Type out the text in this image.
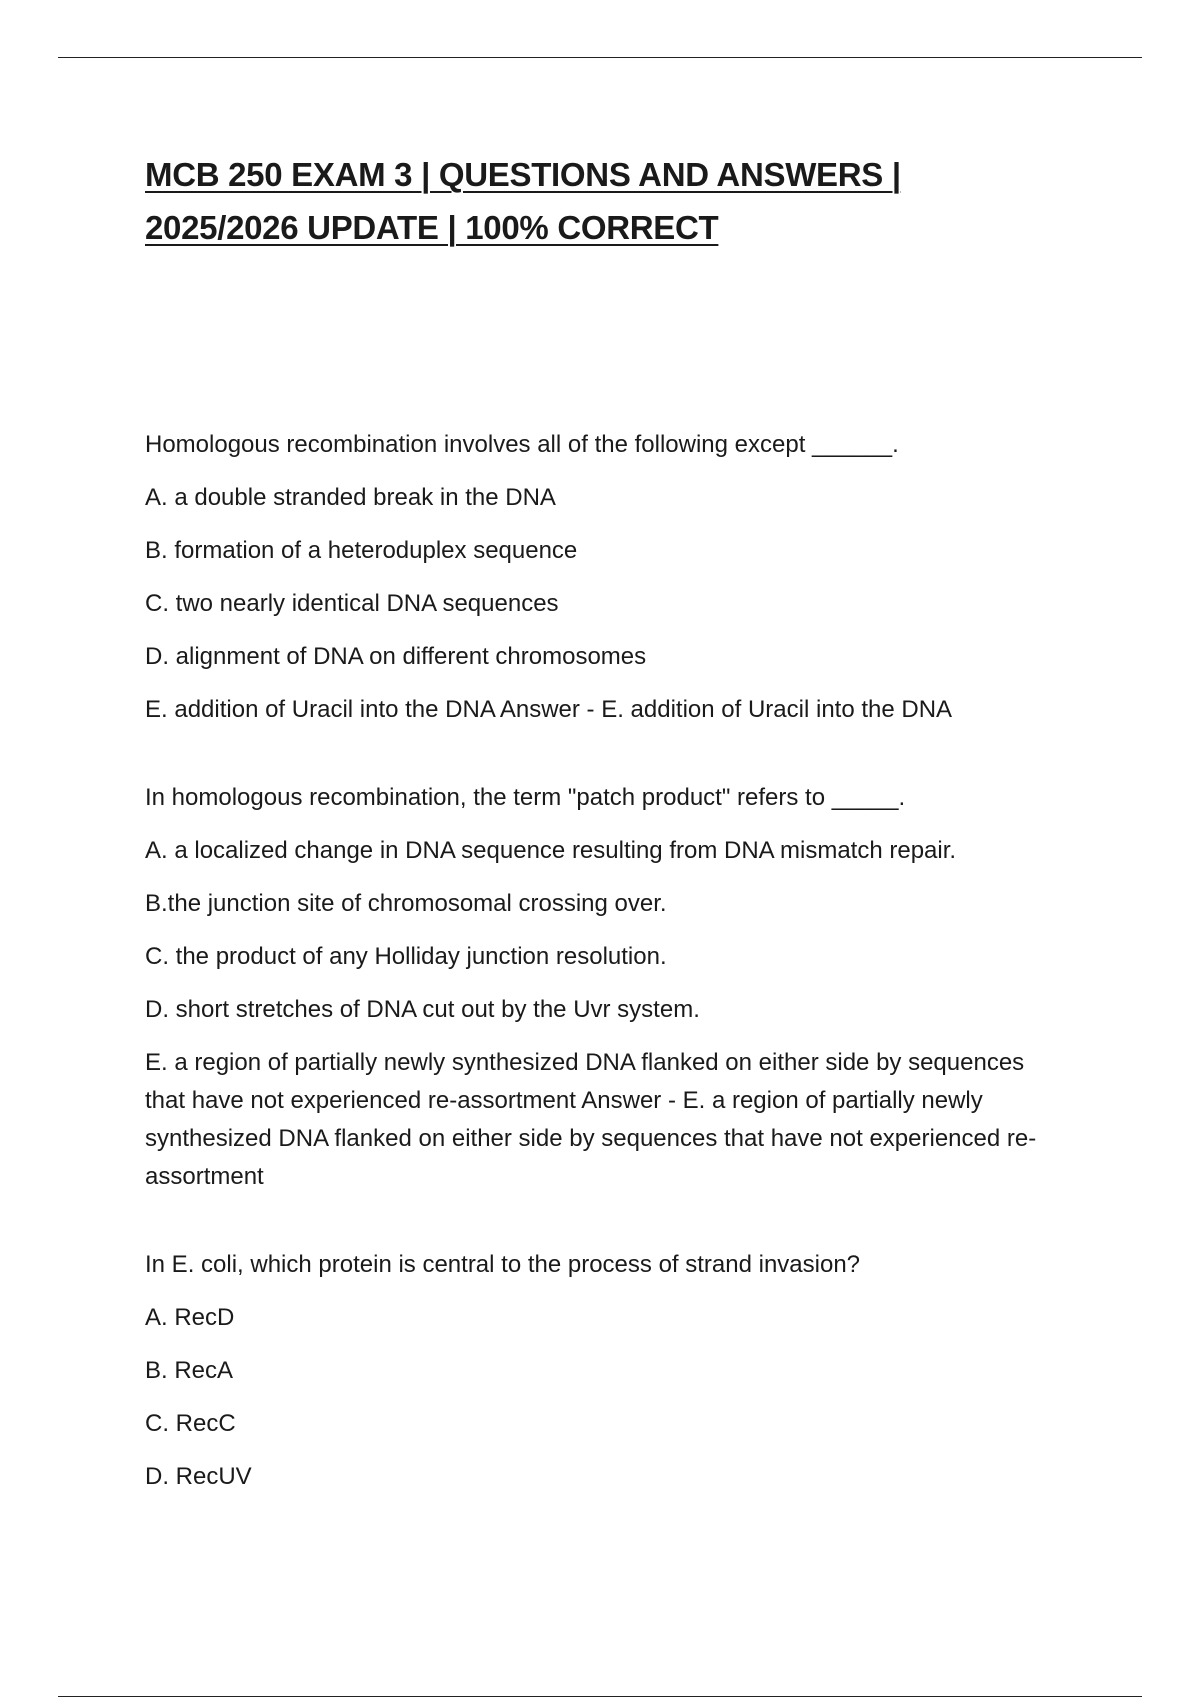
MCB 250 EXAM 3 | QUESTIONS AND ANSWERS |
2025/2026 UPDATE | 100% CORRECT

Homologous recombination involves all of the following except ______.

A. a double stranded break in the DNA

B. formation of a heteroduplex sequence

C. two nearly identical DNA sequences

D. alignment of DNA on different chromosomes

E. addition of Uracil into the DNA Answer - E. addition of Uracil into the DNA

In homologous recombination, the term "patch product" refers to _____.

A. a localized change in DNA sequence resulting from DNA mismatch repair.

B.the junction site of chromosomal crossing over.

C. the product of any Holliday junction resolution.

D. short stretches of DNA cut out by the Uvr system.

E. a region of partially newly synthesized DNA flanked on either side by sequences that have not experienced re-assortment Answer - E. a region of partially newly synthesized DNA flanked on either side by sequences that have not experienced re-assortment

In E. coli, which protein is central to the process of strand invasion?

A. RecD

B. RecA

C. RecC

D. RecUV
